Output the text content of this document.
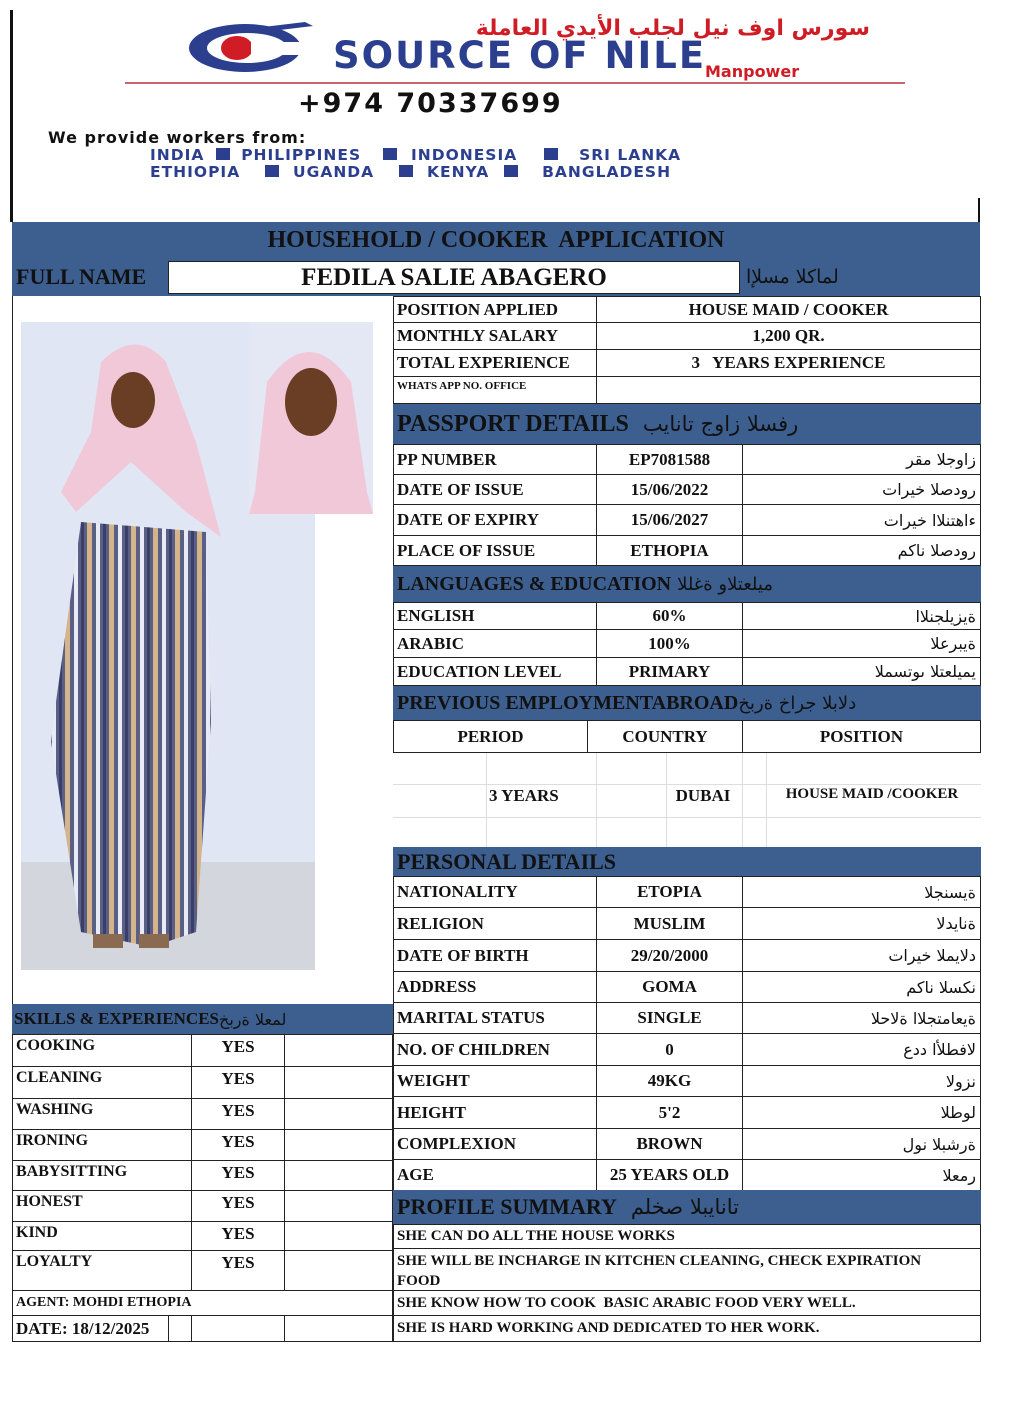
سورس اوف نيل لجلب الأيدي العاملة
SOURCE OF NILE
Manpower
+974 70337699
We provide workers from:
INDIA PHILIPPINES	INDONESIA	SRI LANKA
ETHIOPIA	UGANDA	KENYA	BANGLADESH
HOUSEHOLD / COOKER  APPLICATION
FULL NAME	FEDILA SALIE ABAGERO	لماكلا مسلإا
POSITION APPLIED	HOUSE MAID / COOKER
MONTHLY SALARY	1,200 QR.
TOTAL EXPERIENCE	3   YEARS EXPERIENCE
WHATS APP NO. OFFICE
PASSPORT DETAILS رفسلا زاوج تانايب
PP NUMBER	EP7081588	زاوجلا مقر
DATE OF ISSUE	15/06/2022	رودصلا خيرات
DATE OF EXPIRY	15/06/2027	ءاهتنلاا خيرات
PLACE OF ISSUE	ETHOPIA	رودصلا ناكم
LANGUAGES & EDUCATION ميلعتلاو ةغللا
ENGLISH	60%	ةيزيلجنلاا
ARABIC	100%	ةيبرعلا
EDUCATION LEVEL	PRIMARY	يميلعتلا ىوتسملا
PREVIOUS EMPLOYMENTABROAD دلابلا جراخ ةربخ
PERIOD	COUNTRY	POSITION
3 YEARS	DUBAI	HOUSE MAID /COOKER
PERSONAL DETAILS
NATIONALITY	ETOPIA	ةيسنجلا
RELIGION	MUSLIM	ةنايدلا
DATE OF BIRTH	29/20/2000	دلايملا خيرات
ADDRESS	GOMA	نكسلا ناكم
MARITAL STATUS	SINGLE	ةيعامتجلاا ةلاحلا
NO. OF CHILDREN	0	لافطلأا ددع
WEIGHT	49KG	نزولا
HEIGHT	5'2	لوطلا
COMPLEXION	BROWN	ةرشبلا نول
AGE	25 YEARS OLD	رمعلا
SKILLS & EXPERIENCES لمعلا ةربخ
COOKING	YES
CLEANING	YES
WASHING	YES
IRONING	YES
BABYSITTING	YES
HONEST	YES
KIND	YES
LOYALTY	YES
AGENT: MOHDI ETHOPIA
DATE: 18/12/2025
PROFILE SUMMARY تانايبلا صخلم
SHE CAN DO ALL THE HOUSE WORKS
SHE WILL BE INCHARGE IN KITCHEN CLEANING, CHECK EXPIRATION FOOD
SHE KNOW HOW TO COOK  BASIC ARABIC FOOD VERY WELL.
SHE IS HARD WORKING AND DEDICATED TO HER WORK.
